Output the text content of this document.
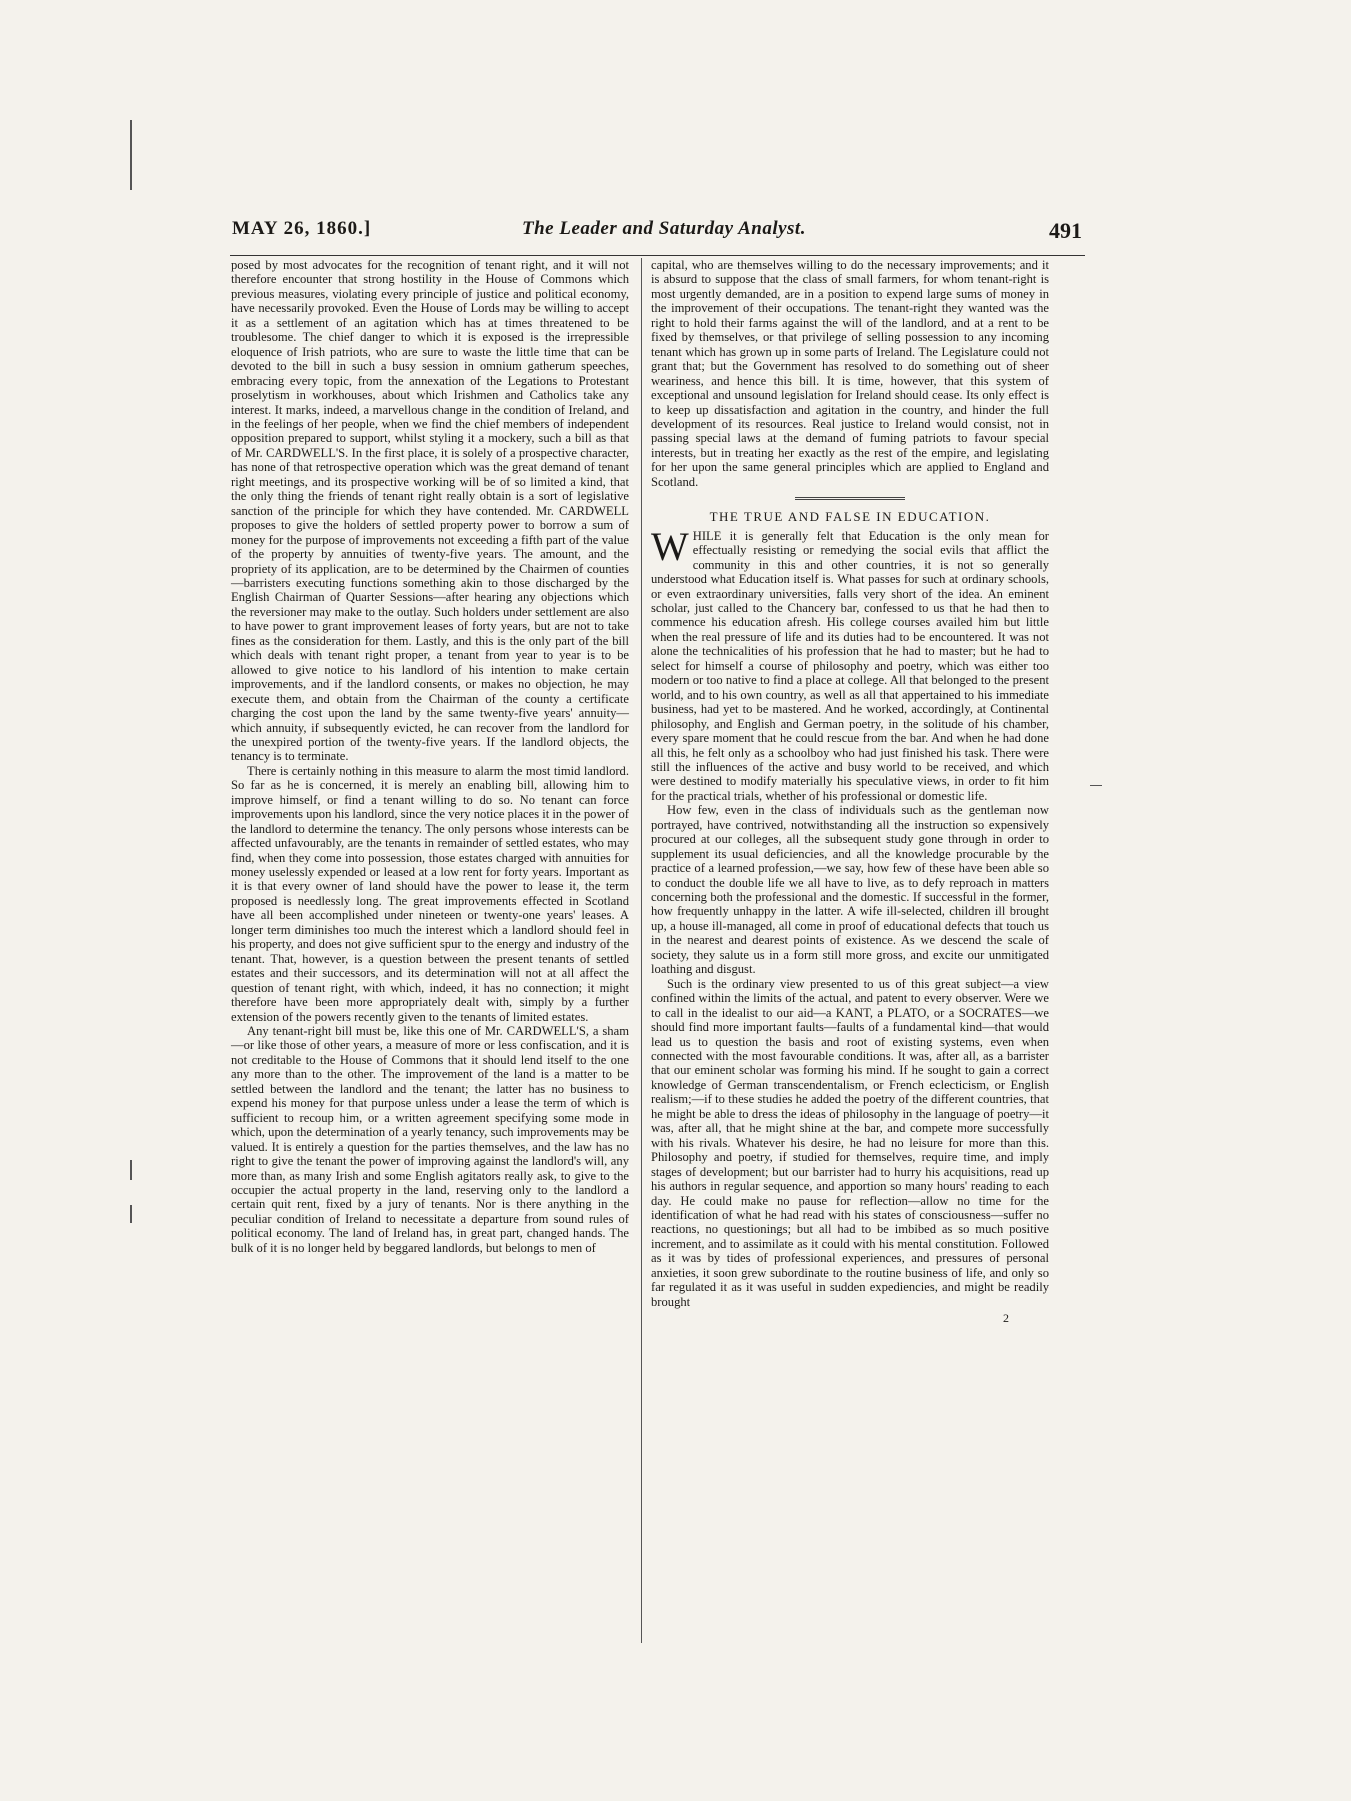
MAY 26, 1860.]	The Leader and Saturday Analyst.	491

posed by most advocates for the recognition of tenant right, and it will not therefore encounter that strong hostility in the House of Commons which previous measures, violating every principle of justice and political economy, have necessarily provoked. Even the House of Lords may be willing to accept it as a settlement of an agitation which has at times threatened to be troublesome. The chief danger to which it is exposed is the irrepressible eloquence of Irish patriots, who are sure to waste the little time that can be devoted to the bill in such a busy session in omnium gatherum speeches, embracing every topic, from the annexation of the Legations to Protestant proselytism in workhouses, about which Irishmen and Catholics take any interest. It marks, indeed, a marvellous change in the condition of Ireland, and in the feelings of her people, when we find the chief members of independent opposition prepared to support, whilst styling it a mockery, such a bill as that of Mr. CARDWELL'S. In the first place, it is solely of a prospective character, has none of that retrospective operation which was the great demand of tenant right meetings, and its prospective working will be of so limited a kind, that the only thing the friends of tenant right really obtain is a sort of legislative sanction of the principle for which they have contended. Mr. CARDWELL proposes to give the holders of settled property power to borrow a sum of money for the purpose of improvements not exceeding a fifth part of the value of the property by annuities of twenty-five years. The amount, and the propriety of its application, are to be determined by the Chairmen of counties—barristers executing functions something akin to those discharged by the English Chairman of Quarter Sessions—after hearing any objections which the reversioner may make to the outlay. Such holders under settlement are also to have power to grant improvement leases of forty years, but are not to take fines as the consideration for them. Lastly, and this is the only part of the bill which deals with tenant right proper, a tenant from year to year is to be allowed to give notice to his landlord of his intention to make certain improvements, and if the landlord consents, or makes no objection, he may execute them, and obtain from the Chairman of the county a certificate charging the cost upon the land by the same twenty-five years' annuity—which annuity, if subsequently evicted, he can recover from the landlord for the unexpired portion of the twenty-five years. If the landlord objects, the tenancy is to terminate.

There is certainly nothing in this measure to alarm the most timid landlord. So far as he is concerned, it is merely an enabling bill, allowing him to improve himself, or find a tenant willing to do so. No tenant can force improvements upon his landlord, since the very notice places it in the power of the landlord to determine the tenancy. The only persons whose interests can be affected unfavourably, are the tenants in remainder of settled estates, who may find, when they come into possession, those estates charged with annuities for money uselessly expended or leased at a low rent for forty years. Important as it is that every owner of land should have the power to lease it, the term proposed is needlessly long. The great improvements effected in Scotland have all been accomplished under nineteen or twenty-one years' leases. A longer term diminishes too much the interest which a landlord should feel in his property, and does not give sufficient spur to the energy and industry of the tenant. That, however, is a question between the present tenants of settled estates and their successors, and its determination will not at all affect the question of tenant right, with which, indeed, it has no connection; it might therefore have been more appropriately dealt with, simply by a further extension of the powers recently given to the tenants of limited estates.

Any tenant-right bill must be, like this one of Mr. CARDWELL'S, a sham—or like those of other years, a measure of more or less confiscation, and it is not creditable to the House of Commons that it should lend itself to the one any more than to the other. The improvement of the land is a matter to be settled between the landlord and the tenant; the latter has no business to expend his money for that purpose unless under a lease the term of which is sufficient to recoup him, or a written agreement specifying some mode in which, upon the determination of a yearly tenancy, such improvements may be valued. It is entirely a question for the parties themselves, and the law has no right to give the tenant the power of improving against the landlord's will, any more than, as many Irish and some English agitators really ask, to give to the occupier the actual property in the land, reserving only to the landlord a certain quit rent, fixed by a jury of tenants. Nor is there anything in the peculiar condition of Ireland to necessitate a departure from sound rules of political economy. The land of Ireland has, in great part, changed hands. The bulk of it is no longer held by beggared landlords, but belongs to men of

capital, who are themselves willing to do the necessary improvements; and it is absurd to suppose that the class of small farmers, for whom tenant-right is most urgently demanded, are in a position to expend large sums of money in the improvement of their occupations. The tenant-right they wanted was the right to hold their farms against the will of the landlord, and at a rent to be fixed by themselves, or that privilege of selling possession to any incoming tenant which has grown up in some parts of Ireland. The Legislature could not grant that; but the Government has resolved to do something out of sheer weariness, and hence this bill. It is time, however, that this system of exceptional and unsound legislation for Ireland should cease. Its only effect is to keep up dissatisfaction and agitation in the country, and hinder the full development of its resources. Real justice to Ireland would consist, not in passing special laws at the demand of fuming patriots to favour special interests, but in treating her exactly as the rest of the empire, and legislating for her upon the same general principles which are applied to England and Scotland.

THE TRUE AND FALSE IN EDUCATION.

WHILE it is generally felt that Education is the only mean for effectually resisting or remedying the social evils that afflict the community in this and other countries, it is not so generally understood what Education itself is. What passes for such at ordinary schools, or even extraordinary universities, falls very short of the idea. An eminent scholar, just called to the Chancery bar, confessed to us that he had then to commence his education afresh. His college courses availed him but little when the real pressure of life and its duties had to be encountered. It was not alone the technicalities of his profession that he had to master; but he had to select for himself a course of philosophy and poetry, which was either too modern or too native to find a place at college. All that belonged to the present world, and to his own country, as well as all that appertained to his immediate business, had yet to be mastered. And he worked, accordingly, at Continental philosophy, and English and German poetry, in the solitude of his chamber, every spare moment that he could rescue from the bar. And when he had done all this, he felt only as a schoolboy who had just finished his task. There were still the influences of the active and busy world to be received, and which were destined to modify materially his speculative views, in order to fit him for the practical trials, whether of his professional or domestic life.

How few, even in the class of individuals such as the gentleman now portrayed, have contrived, notwithstanding all the instruction so expensively procured at our colleges, all the subsequent study gone through in order to supplement its usual deficiencies, and all the knowledge procurable by the practice of a learned profession,—we say, how few of these have been able so to conduct the double life we all have to live, as to defy reproach in matters concerning both the professional and the domestic. If successful in the former, how frequently unhappy in the latter. A wife ill-selected, children ill brought up, a house ill-managed, all come in proof of educational defects that touch us in the nearest and dearest points of existence. As we descend the scale of society, they salute us in a form still more gross, and excite our unmitigated loathing and disgust.

Such is the ordinary view presented to us of this great subject—a view confined within the limits of the actual, and patent to every observer. Were we to call in the idealist to our aid—a KANT, a PLATO, or a SOCRATES—we should find more important faults—faults of a fundamental kind—that would lead us to question the basis and root of existing systems, even when connected with the most favourable conditions. It was, after all, as a barrister that our eminent scholar was forming his mind. If he sought to gain a correct knowledge of German transcendentalism, or French eclecticism, or English realism;—if to these studies he added the poetry of the different countries, that he might be able to dress the ideas of philosophy in the language of poetry—it was, after all, that he might shine at the bar, and compete more successfully with his rivals. Whatever his desire, he had no leisure for more than this. Philosophy and poetry, if studied for themselves, require time, and imply stages of development; but our barrister had to hurry his acquisitions, read up his authors in regular sequence, and apportion so many hours' reading to each day. He could make no pause for reflection—allow no time for the identification of what he had read with his states of consciousness—suffer no reactions, no questionings; but all had to be imbibed as so much positive increment, and to assimilate as it could with his mental constitution. Followed as it was by tides of professional experiences, and pressures of personal anxieties, it soon grew subordinate to the routine business of life, and only so far regulated it as it was useful in sudden expediencies, and might be readily brought

2
